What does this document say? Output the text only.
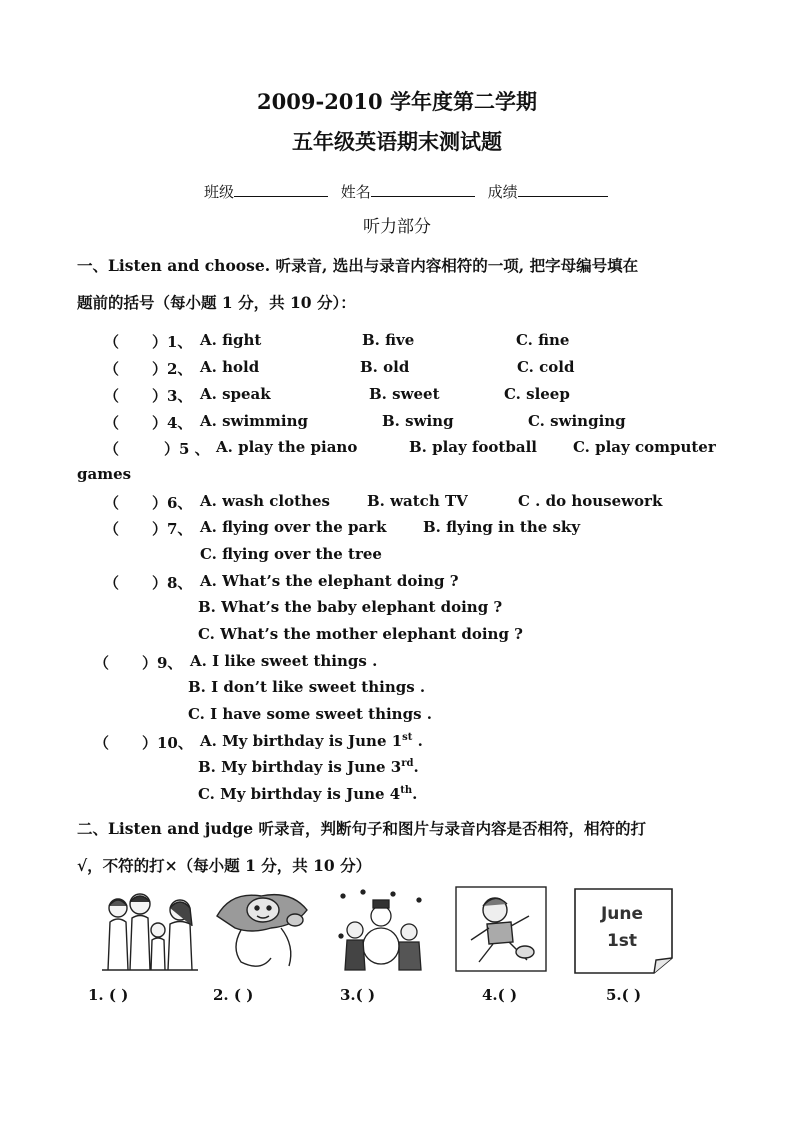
2009-2010 学年度第二学期
五年级英语期末测试题
班级	姓名	成绩
听力部分
一、Listen and choose. 听录音, 选出与录音内容相符的一项, 把字母编号填在
题前的括号（每小题 1 分，共 10 分）：
（ ）1、 A. fight	B. five	C. fine
（ ）2、 A. hold	B. old	C. cold
（ ）3、 A. speak	B. sweet	C. sleep
（ ）4、 A. swimming	B. swing	C. swinging
（	）5 、 A. play the piano	B. play football C. play computer
games
（ ）6、 A. wash clothes B. watch TV	C . do housework
（ ）7、 A. flying over the park B. flying in the sky
C. flying over the tree
（ ）8、 A. What’s the elephant doing ?
B. What’s the baby elephant doing ?
C. What’s the mother elephant doing ?
（ ）9、 A. I like sweet things .
B. I don’t like sweet things .
C. I have some sweet things .
（ ）10、 A. My birthday is June 1st .
B. My birthday is June 3rd.
C. My birthday is June 4th.
二、Listen and judge 听录音，判断句子和图片与录音内容是否相符，相符的打
√，不符的打×（每小题 1 分，共 10 分）
June
1st
1. ( )	2. ( )	3.( )	4.( )	5.( )
